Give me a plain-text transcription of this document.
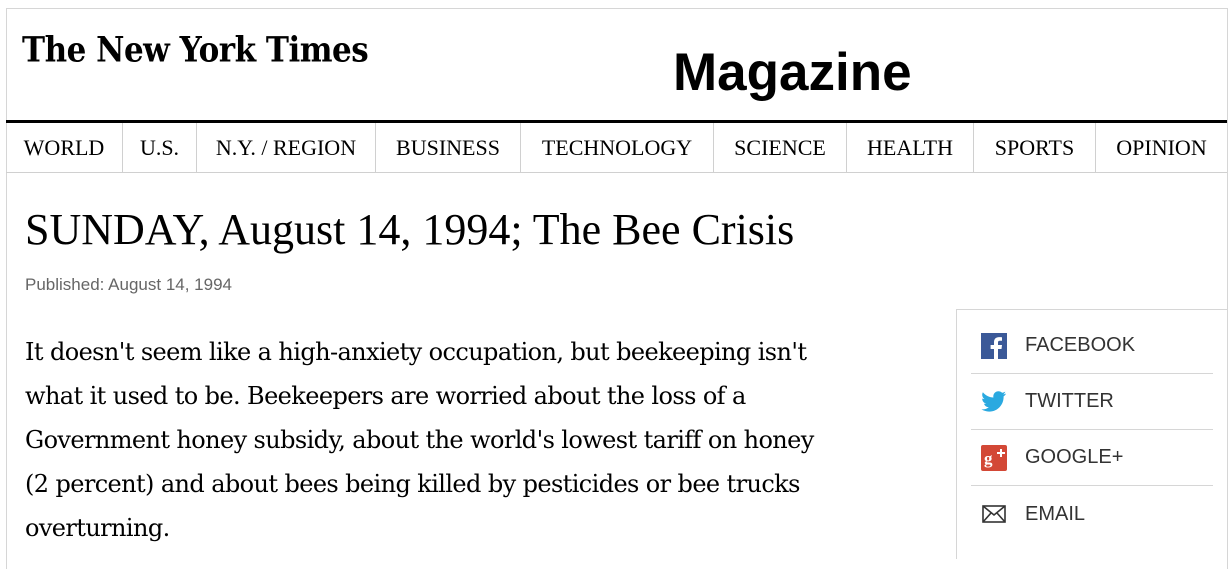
The New York Times	Magazine
WORLD	U.S.	N.Y. / REGION	BUSINESS	TECHNOLOGY	SCIENCE	HEALTH	SPORTS	OPINION
SUNDAY, August 14, 1994; The Bee Crisis
Published: August 14, 1994

It doesn't seem like a high-anxiety occupation, but beekeeping isn't
what it used to be. Beekeepers are worried about the loss of a
Government honey subsidy, about the world's lowest tariff on honey
(2 percent) and about bees being killed by pesticides or bee trucks
overturning.

FACEBOOK
TWITTER
g GOOGLE+
EMAIL
